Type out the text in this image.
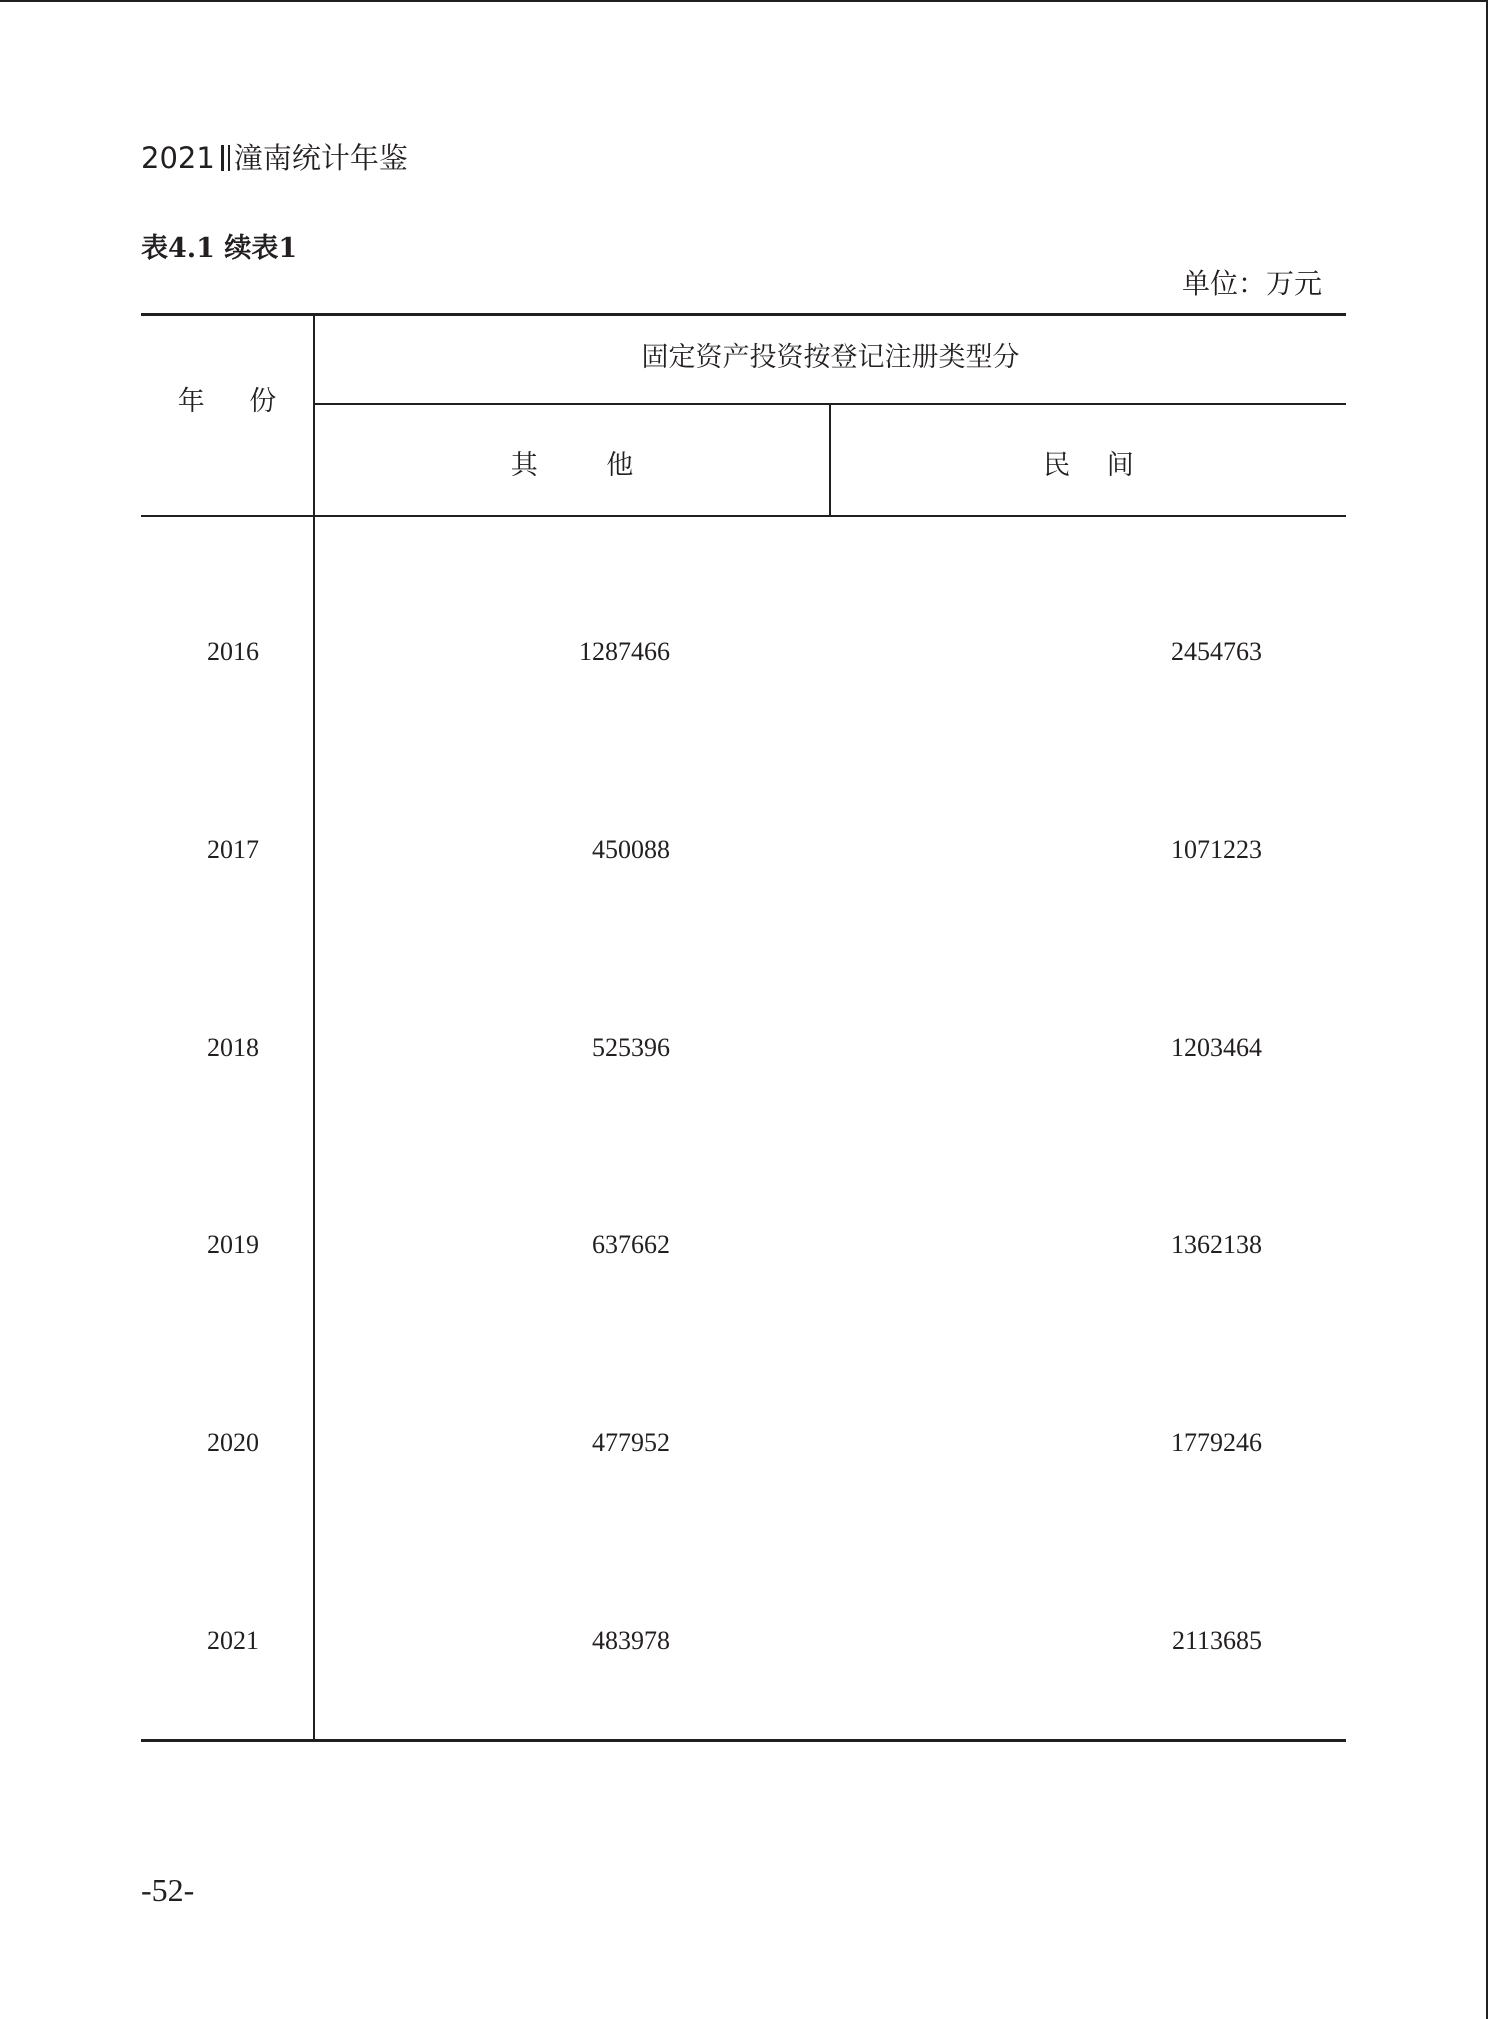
2021 潼南统计年鉴
表4.1 续表1
单位：万元
年 份
固定资产投资按登记注册类型分
其 他	民 间
2016	1287466	2454763
2017	450088	1071223
2018	525396	1203464
2019	637662	1362138
2020	477952	1779246
2021	483978	2113685
-52-
